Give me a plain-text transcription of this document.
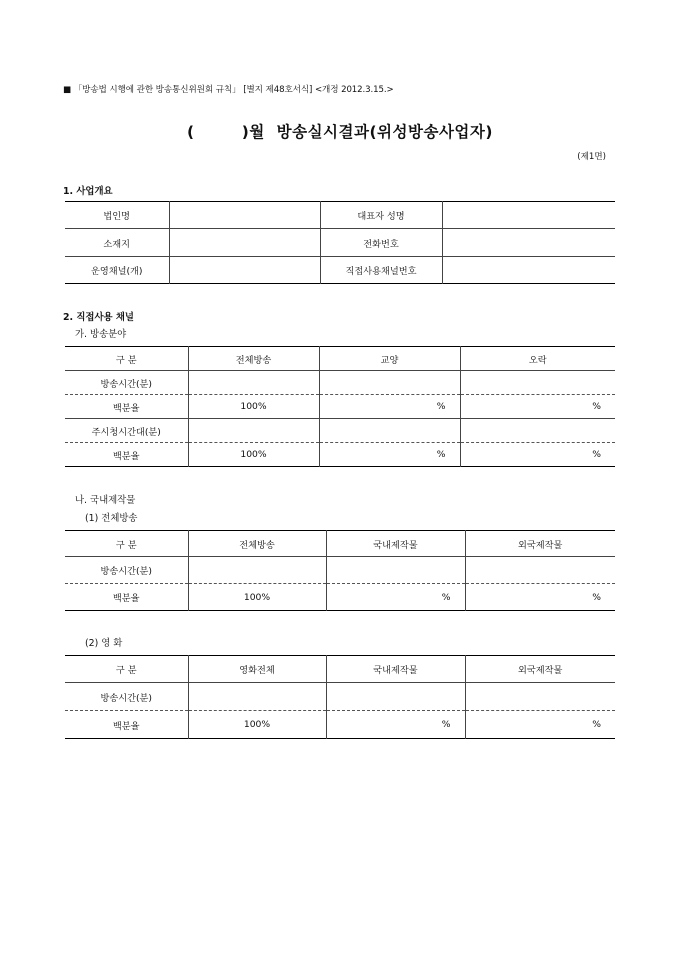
■ 「방송법 시행에 관한 방송통신위원회 규칙」 [별지 제48호서식] <개정 2012.3.15.>
(        )월  방송실시결과(위성방송사업자)
(제1면)
1. 사업개요
법인명		대표자 성명	
소재지		전화번호	
운영채널(개)		직접사용채널번호	
2. 직접사용 채널
가. 방송분야
구 분	전체방송	교양	오락
방송시간(분)			
백분율	100%	%	%
주시청시간대(분)			
백분율	100%	%	%
나. 국내제작물
(1) 전체방송
구 분	전체방송	국내제작물	외국제작물
방송시간(분)			
백분율	100%	%	%
(2) 영 화
구 분	영화전체	국내제작물	외국제작물
방송시간(분)			
백분율	100%	%	%
